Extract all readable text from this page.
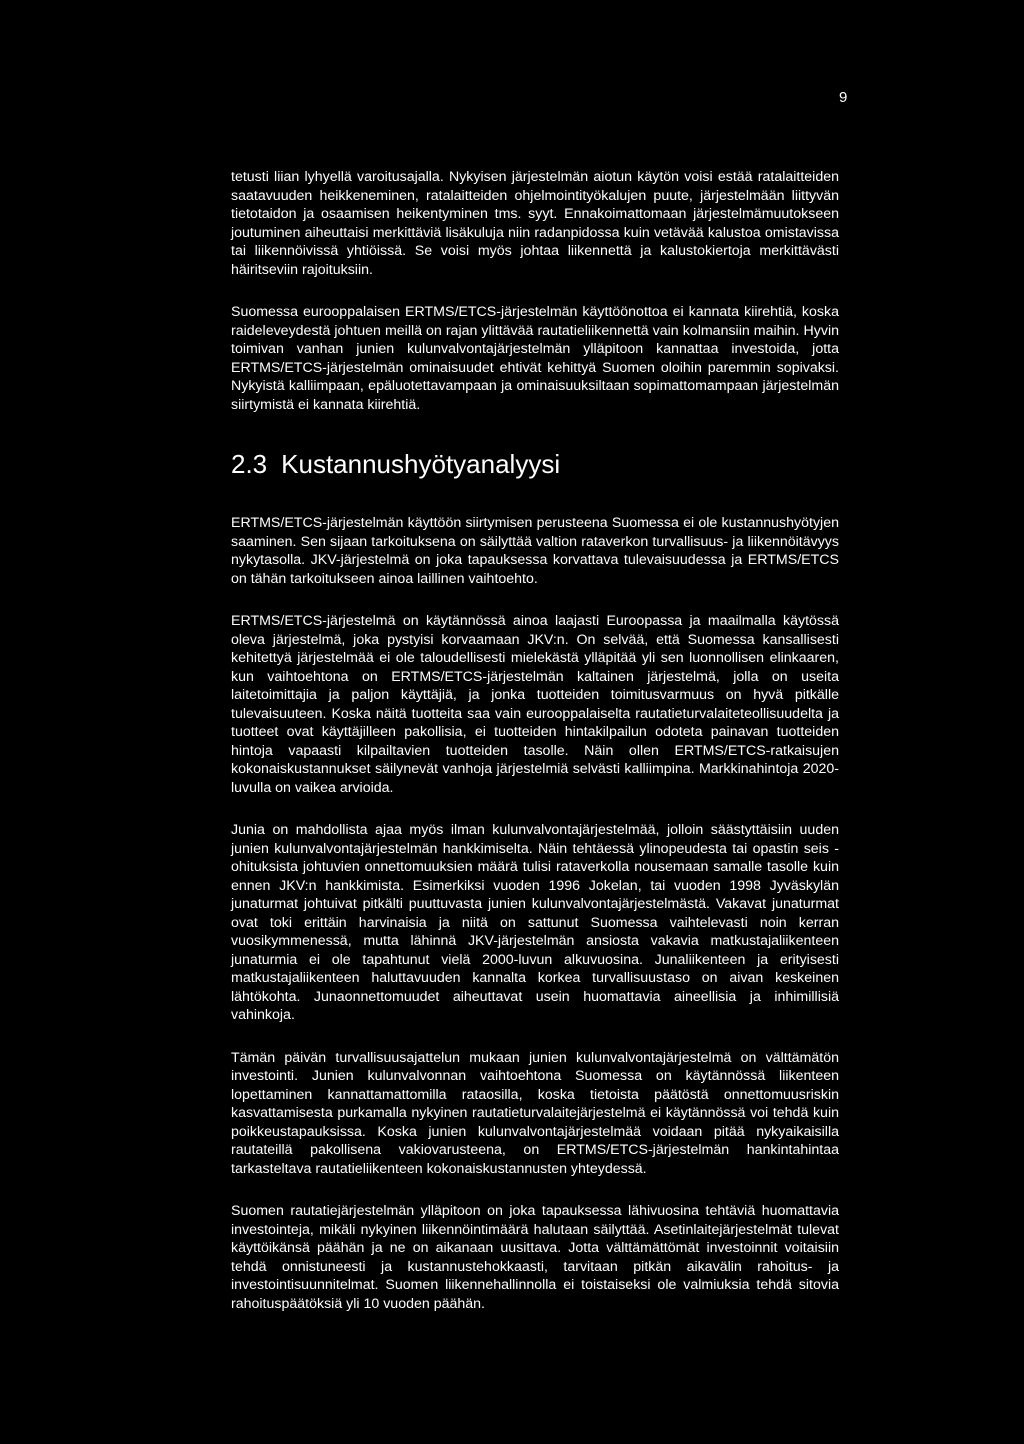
9

tetusti liian lyhyellä varoitusajalla. Nykyisen järjestelmän aiotun käytön voisi estää ratalaitteiden saatavuuden heikkeneminen, ratalaitteiden ohjelmointityökalujen puute, järjestelmään liittyvän tietotaidon ja osaamisen heikentyminen tms. syyt. Ennakoimattomaan järjestelmämuutokseen joutuminen aiheuttaisi merkittäviä lisäkuluja niin radanpidossa kuin vetävää kalustoa omistavissa tai liikennöivissä yhtiöissä. Se voisi myös johtaa liikennettä ja kalustokiertoja merkittävästi häiritseviin rajoituksiin.

Suomessa eurooppalaisen ERTMS/ETCS-järjestelmän käyttöönottoa ei kannata kiirehtiä, koska raideleveydestä johtuen meillä on rajan ylittävää rautatieliikennettä vain kolmansiin maihin. Hyvin toimivan vanhan junien kulunvalvontajärjestelmän ylläpitoon kannattaa investoida, jotta ERTMS/ETCS-järjestelmän ominaisuudet ehtivät kehittyä Suomen oloihin paremmin sopivaksi. Nykyistä kalliimpaan, epäluotettavampaan ja ominaisuuksiltaan sopimattomampaan järjestelmän siirtymistä ei kannata kiirehtiä.

2.3 Kustannushyötyanalyysi

ERTMS/ETCS-järjestelmän käyttöön siirtymisen perusteena Suomessa ei ole kustannushyötyjen saaminen. Sen sijaan tarkoituksena on säilyttää valtion rataverkon turvallisuus- ja liikennöitävyys nykytasolla. JKV-järjestelmä on joka tapauksessa korvattava tulevaisuudessa ja ERTMS/ETCS on tähän tarkoitukseen ainoa laillinen vaihtoehto.

ERTMS/ETCS-järjestelmä on käytännössä ainoa laajasti Euroopassa ja maailmalla käytössä oleva järjestelmä, joka pystyisi korvaamaan JKV:n. On selvää, että Suomessa kansallisesti kehitettyä järjestelmää ei ole taloudellisesti mielekästä ylläpitää yli sen luonnollisen elinkaaren, kun vaihtoehtona on ERTMS/ETCS-järjestelmän kaltainen järjestelmä, jolla on useita laitetoimittajia ja paljon käyttäjiä, ja jonka tuotteiden toimitusvarmuus on hyvä pitkälle tulevaisuuteen. Koska näitä tuotteita saa vain eurooppalaiselta rautatieturvalaiteteollisuudelta ja tuotteet ovat käyttäjilleen pakollisia, ei tuotteiden hintakilpailun odoteta painavan tuotteiden hintoja vapaasti kilpailtavien tuotteiden tasolle. Näin ollen ERTMS/ETCS-ratkaisujen kokonaiskustannukset säilynevät vanhoja järjestelmiä selvästi kalliimpina. Markkinahintoja 2020-luvulla on vaikea arvioida.

Junia on mahdollista ajaa myös ilman kulunvalvontajärjestelmää, jolloin säästyttäisiin uuden junien kulunvalvontajärjestelmän hankkimiselta. Näin tehtäessä ylinopeudesta tai opastin seis -ohituksista johtuvien onnettomuuksien määrä tulisi rataverkolla nousemaan samalle tasolle kuin ennen JKV:n hankkimista. Esimerkiksi vuoden 1996 Jokelan, tai vuoden 1998 Jyväskylän junaturmat johtuivat pitkälti puuttuvasta junien kulunvalvontajärjestelmästä. Vakavat junaturmat ovat toki erittäin harvinaisia ja niitä on sattunut Suomessa vaihtelevasti noin kerran vuosikymmenessä, mutta lähinnä JKV-järjestelmän ansiosta vakavia matkustajaliikenteen junaturmia ei ole tapahtunut vielä 2000-luvun alkuvuosina. Junaliikenteen ja erityisesti matkustajaliikenteen haluttavuuden kannalta korkea turvallisuustaso on aivan keskeinen lähtökohta. Junaonnettomuudet aiheuttavat usein huomattavia aineellisia ja inhimillisiä vahinkoja.

Tämän päivän turvallisuusajattelun mukaan junien kulunvalvontajärjestelmä on välttämätön investointi. Junien kulunvalvonnan vaihtoehtona Suomessa on käytännössä liikenteen lopettaminen kannattamattomilla rataosilla, koska tietoista päätöstä onnettomuusriskin kasvattamisesta purkamalla nykyinen rautatieturvalaitejärjestelmä ei käytännössä voi tehdä kuin poikkeustapauksissa. Koska junien kulunvalvontajärjestelmää voidaan pitää nykyaikaisilla rautateillä pakollisena vakiovarusteena, on ERTMS/ETCS-järjestelmän hankintahintaa tarkasteltava rautatieliikenteen kokonaiskustannusten yhteydessä.

Suomen rautatiejärjestelmän ylläpitoon on joka tapauksessa lähivuosina tehtäviä huomattavia investointeja, mikäli nykyinen liikennöintimäärä halutaan säilyttää. Asetinlaitejärjestelmät tulevat käyttöikänsä päähän ja ne on aikanaan uusittava. Jotta välttämättömät investoinnit voitaisiin tehdä onnistuneesti ja kustannustehokkaasti, tarvitaan pitkän aikavälin rahoitus- ja investointisuunnitelmat. Suomen liikennehallinnolla ei toistaiseksi ole valmiuksia tehdä sitovia rahoituspäätöksiä yli 10 vuoden päähän.
